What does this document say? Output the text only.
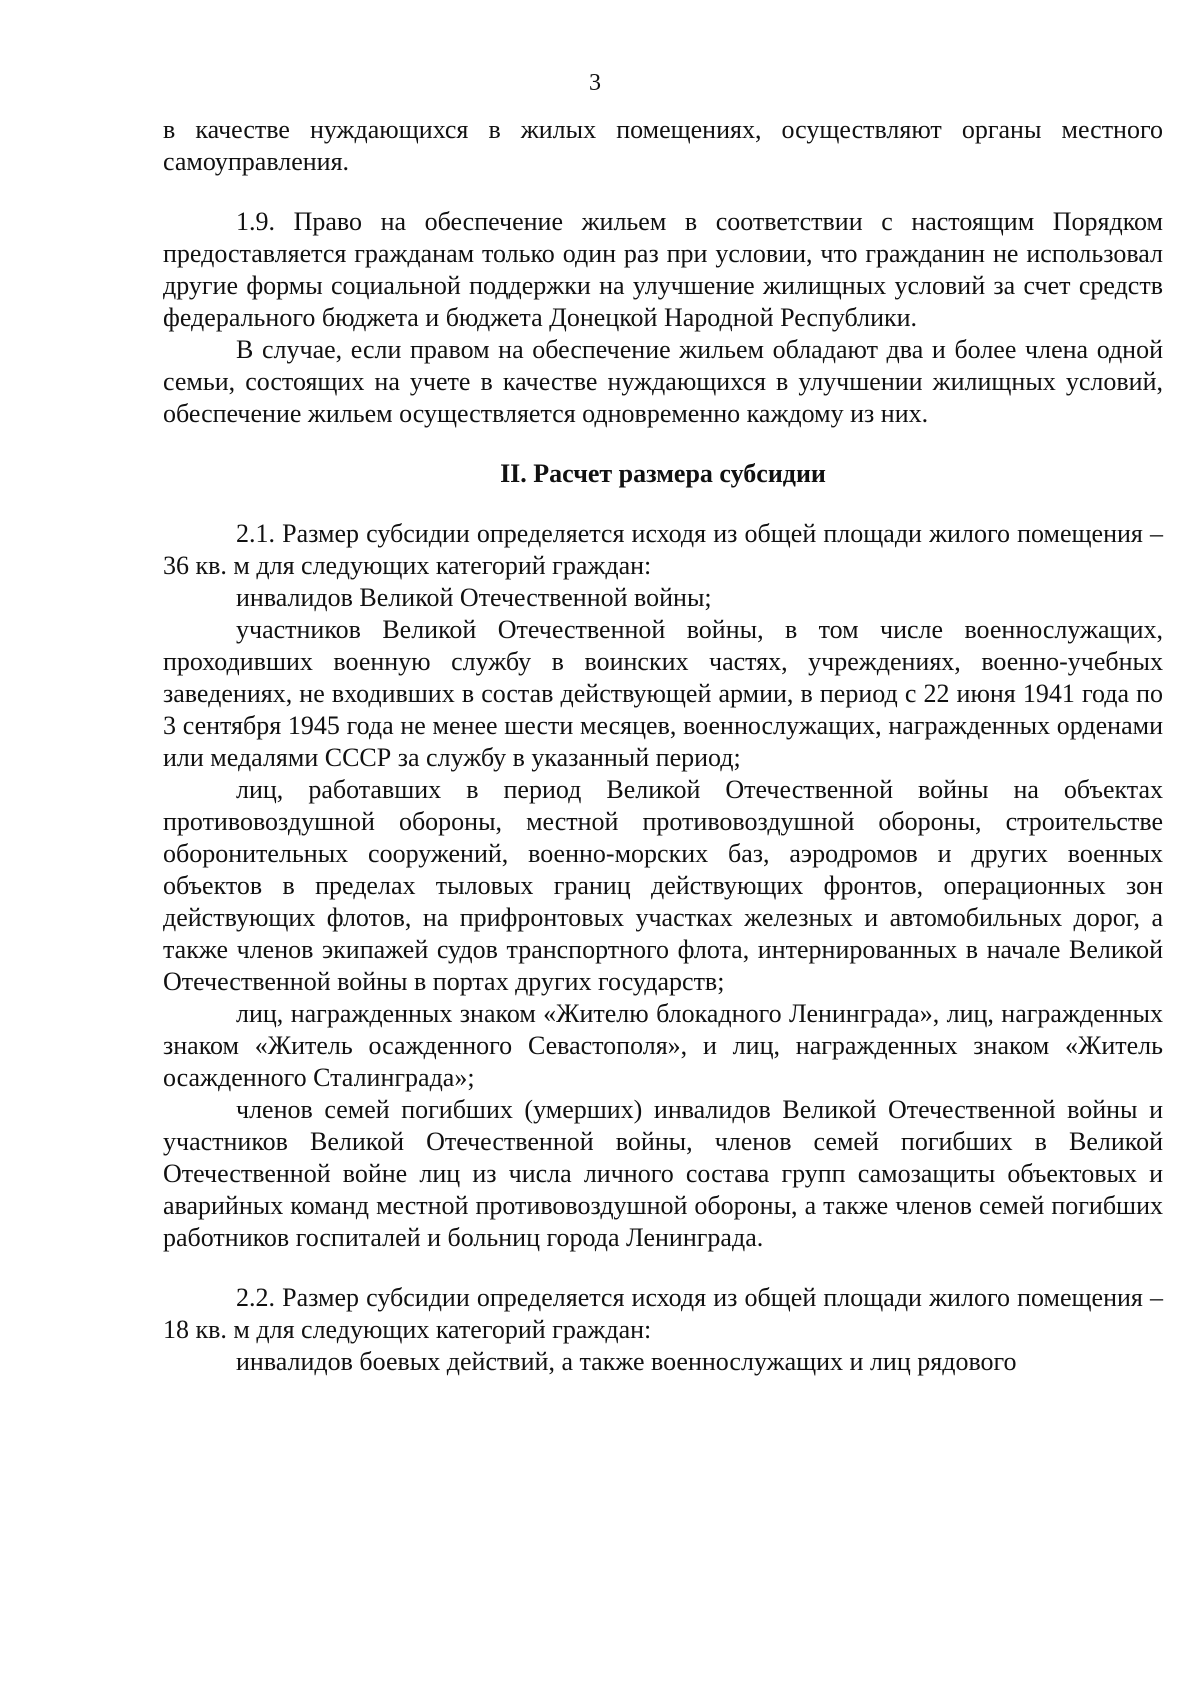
3

в качестве нуждающихся в жилых помещениях, осуществляют органы местного самоуправления.

1.9. Право на обеспечение жильем в соответствии с настоящим Порядком предоставляется гражданам только один раз при условии, что гражданин не использовал другие формы социальной поддержки на улучшение жилищных условий за счет средств федерального бюджета и бюджета Донецкой Народной Республики.

В случае, если правом на обеспечение жильем обладают два и более члена одной семьи, состоящих на учете в качестве нуждающихся в улучшении жилищных условий, обеспечение жильем осуществляется одновременно каждому из них.

II. Расчет размера субсидии

2.1. Размер субсидии определяется исходя из общей площади жилого помещения – 36 кв. м для следующих категорий граждан:

инвалидов Великой Отечественной войны;

участников Великой Отечественной войны, в том числе военнослужащих, проходивших военную службу в воинских частях, учреждениях, военно-учебных заведениях, не входивших в состав действующей армии, в период с 22 июня 1941 года по 3 сентября 1945 года не менее шести месяцев, военнослужащих, награжденных орденами или медалями СССР за службу в указанный период;

лиц, работавших в период Великой Отечественной войны на объектах противовоздушной обороны, местной противовоздушной обороны, строительстве оборонительных сооружений, военно-морских баз, аэродромов и других военных объектов в пределах тыловых границ действующих фронтов, операционных зон действующих флотов, на прифронтовых участках железных и автомобильных дорог, а также членов экипажей судов транспортного флота, интернированных в начале Великой Отечественной войны в портах других государств;

лиц, награжденных знаком «Жителю блокадного Ленинграда», лиц, награжденных знаком «Житель осажденного Севастополя», и лиц, награжденных знаком «Житель осажденного Сталинграда»;

членов семей погибших (умерших) инвалидов Великой Отечественной войны и участников Великой Отечественной войны, членов семей погибших в Великой Отечественной войне лиц из числа личного состава групп самозащиты объектовых и аварийных команд местной противовоздушной обороны, а также членов семей погибших работников госпиталей и больниц города Ленинграда.

2.2. Размер субсидии определяется исходя из общей площади жилого помещения – 18 кв. м для следующих категорий граждан:

инвалидов боевых действий, а также военнослужащих и лиц рядового
